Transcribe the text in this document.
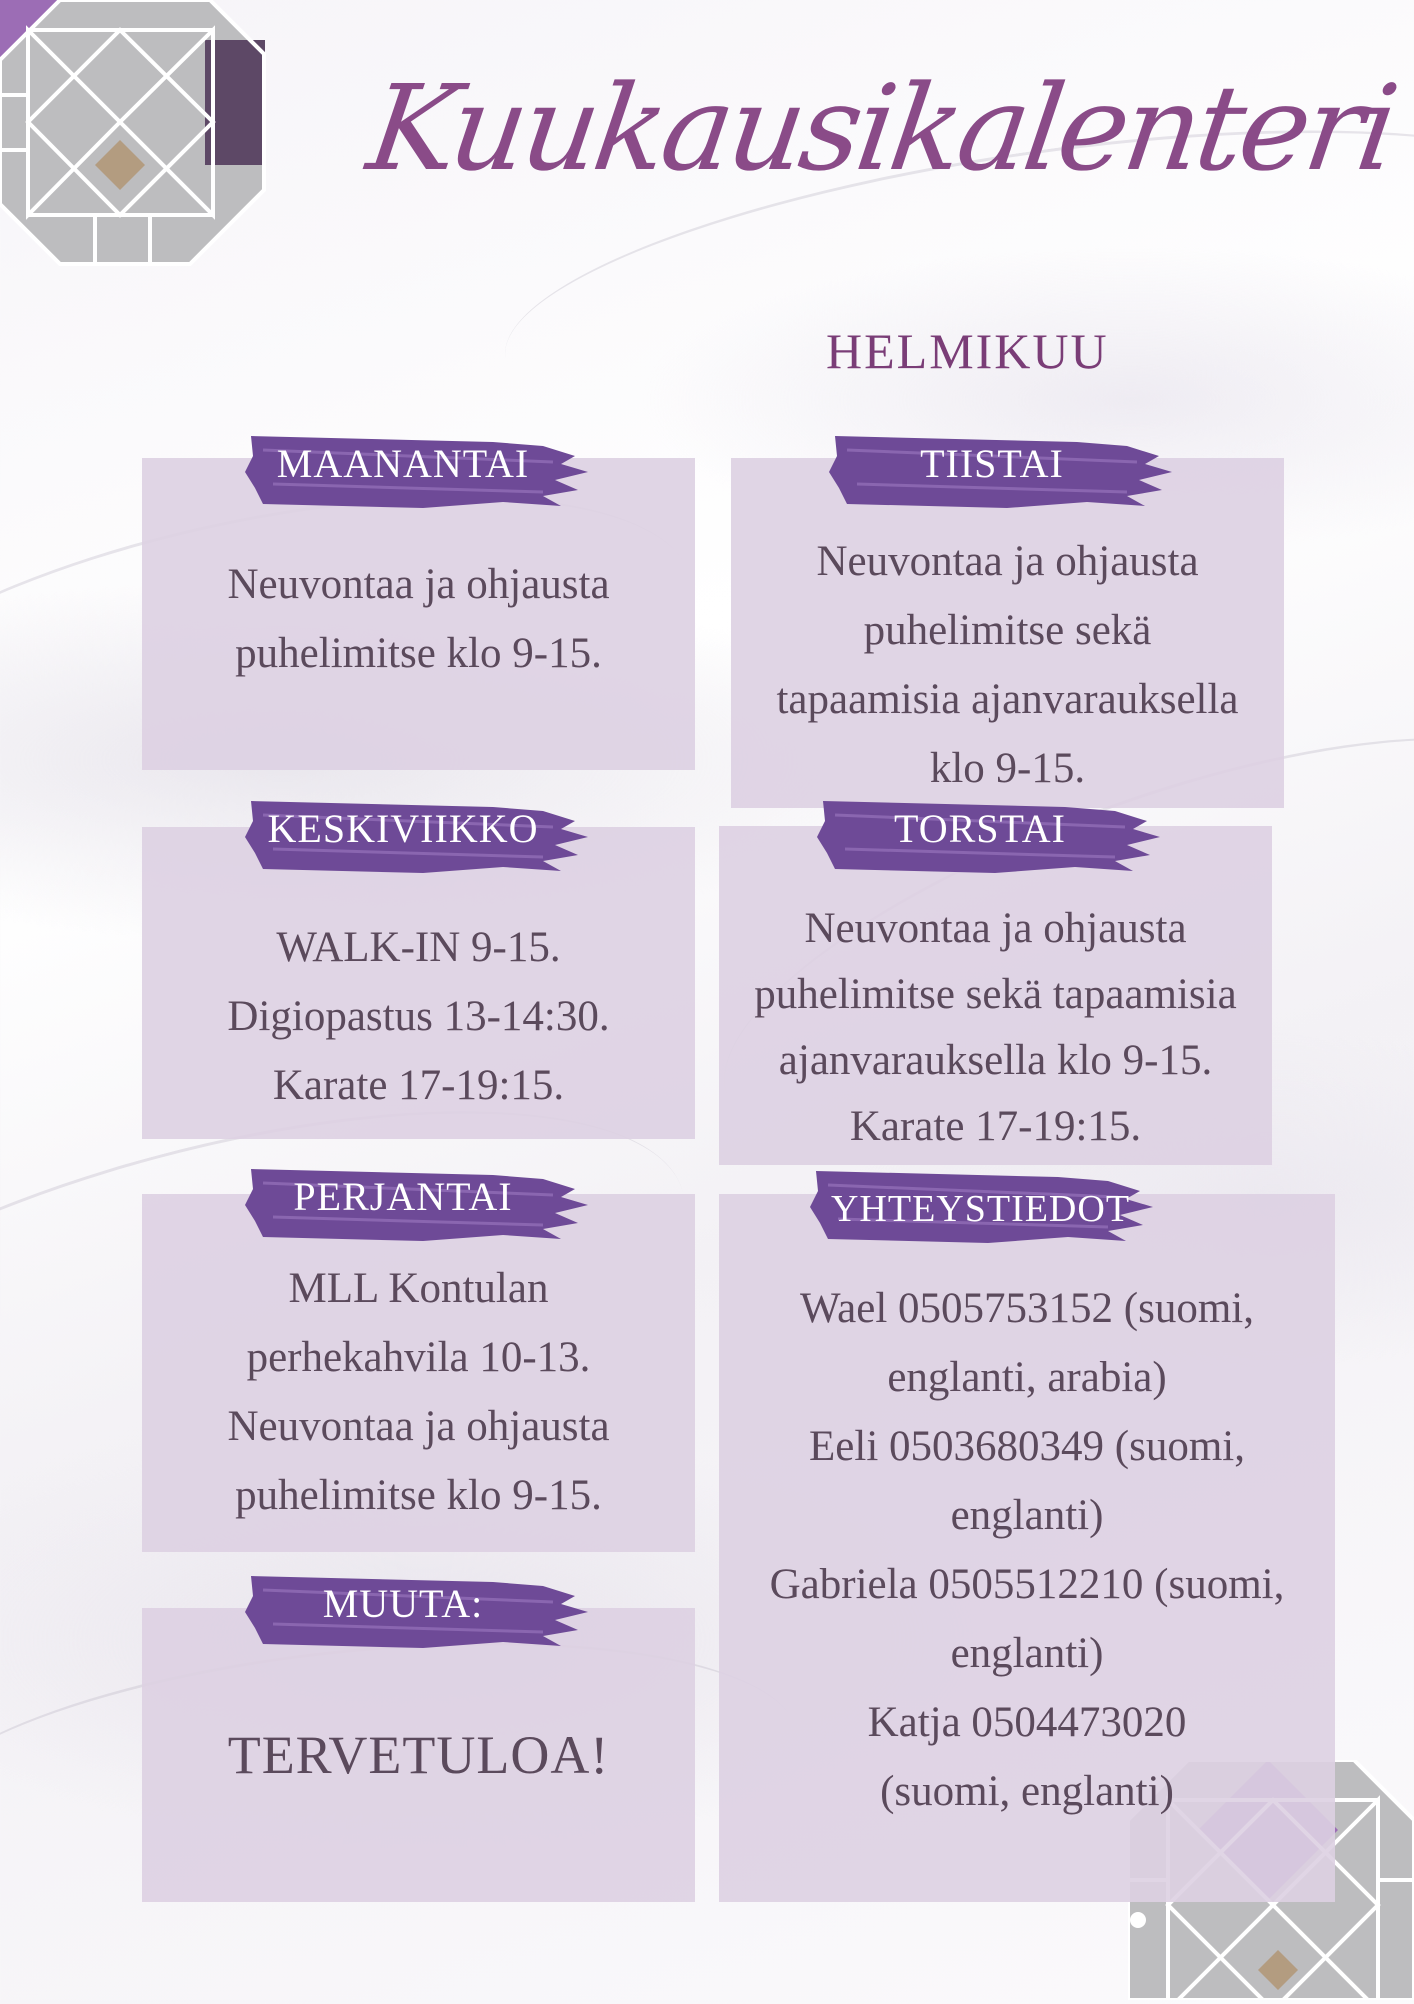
Kuukausikalenteri
HELMIKUU
Neuvontaa ja ohjausta
puhelimitse klo 9-15.
MAANANTAI
Neuvontaa ja ohjausta
puhelimitse sekä
tapaamisia ajanvarauksella
klo 9-15.
TIISTAI
WALK-IN 9-15.
Digiopastus 13-14:30.
Karate 17-19:15.
KESKIVIIKKO
Neuvontaa ja ohjausta
puhelimitse sekä tapaamisia
ajanvarauksella klo 9-15.
Karate 17-19:15.
TORSTAI
MLL Kontulan
perhekahvila 10-13.
Neuvontaa ja ohjausta
puhelimitse klo 9-15.
PERJANTAI
TERVETULOA!
MUUTA:
Wael 0505753152 (suomi,
englanti, arabia)
Eeli 0503680349 (suomi,
englanti)
Gabriela 0505512210 (suomi,
englanti)
Katja 0504473020
(suomi, englanti)
YHTEYSTIEDOT
